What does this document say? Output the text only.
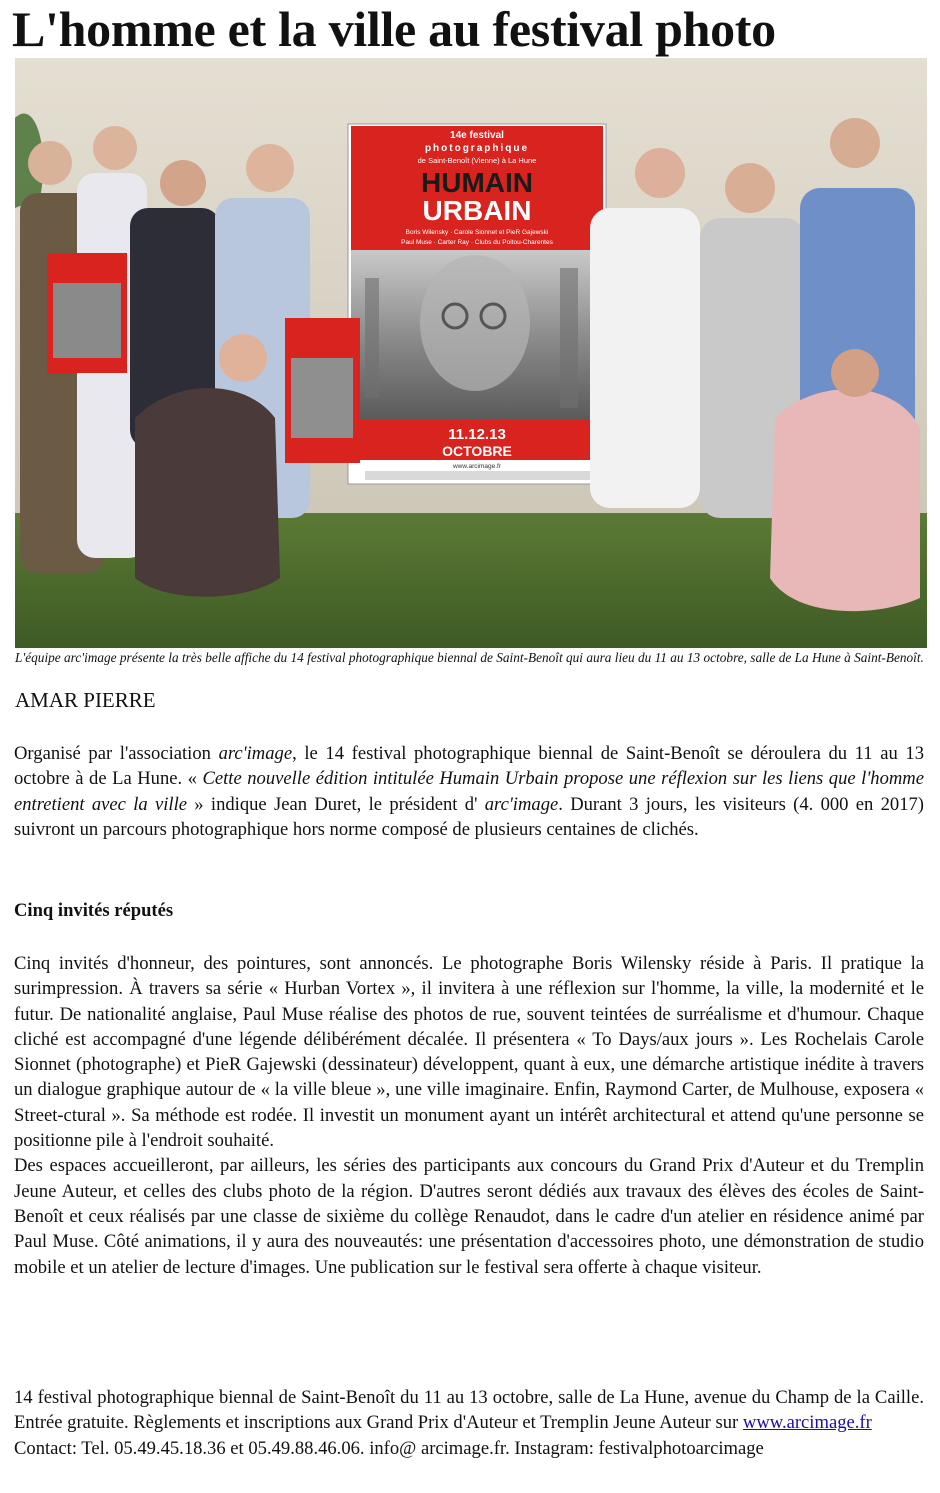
L'homme et la ville au festival photo
14e festival
photographique
de Saint-Benoît (Vienne) à La Hune
HUMAIN
URBAIN
Boris Wilensky · Carole Sionnet et PieR Gajewski
Paul Muse · Carter Ray · Clubs du Poitou-Charentes
11.12.13
OCTOBRE
www.arcimage.fr
L'équipe arc'image présente la très belle affiche du 14 festival photographique biennal de Saint-Benoît qui aura lieu du 11 au 13 octobre, salle de La Hune à Saint-Benoît.
AMAR PIERRE

Organisé par l'association arc'image, le 14 festival photographique biennal de Saint-Benoît se déroulera du 11 au 13 octobre à de La Hune. « Cette nouvelle édition intitulée Humain Urbain propose une réflexion sur les liens que l'homme entretient avec la ville » indique Jean Duret, le président d' arc'image. Durant 3 jours, les visiteurs (4. 000 en 2017) suivront un parcours photographique hors norme composé de plusieurs centaines de clichés.

Cinq invités réputés

Cinq invités d'honneur, des pointures, sont annoncés. Le photographe Boris Wilensky réside à Paris. Il pratique la surimpression. À travers sa série « Hurban Vortex », il invitera à une réflexion sur l'homme, la ville, la modernité et le futur. De nationalité anglaise, Paul Muse réalise des photos de rue, souvent teintées de surréalisme et d'humour. Chaque cliché est accompagné d'une légende délibérément décalée. Il présentera « To Days/aux jours ». Les Rochelais Carole Sionnet (photographe) et PieR Gajewski (dessinateur) développent, quant à eux, une démarche artistique inédite à travers un dialogue graphique autour de « la ville bleue », une ville imaginaire. Enfin, Raymond Carter, de Mulhouse, exposera « Street-ctural ». Sa méthode est rodée. Il investit un monument ayant un intérêt architectural et attend qu'une personne se positionne pile à l'endroit souhaité.

Des espaces accueilleront, par ailleurs, les séries des participants aux concours du Grand Prix d'Auteur et du Tremplin Jeune Auteur, et celles des clubs photo de la région. D'autres seront dédiés aux travaux des élèves des écoles de Saint-Benoît et ceux réalisés par une classe de sixième du collège Renaudot, dans le cadre d'un atelier en résidence animé par Paul Muse. Côté animations, il y aura des nouveautés: une présentation d'accessoires photo, une démonstration de studio mobile et un atelier de lecture d'images. Une publication sur le festival sera offerte à chaque visiteur.

14 festival photographique biennal de Saint-Benoît du 11 au 13 octobre, salle de La Hune, avenue du Champ de la Caille. Entrée gratuite. Règlements et inscriptions aux Grand Prix d'Auteur et Tremplin Jeune Auteur sur www.arcimage.fr

Contact: Tel. 05.49.45.18.36 et 05.49.88.46.06. info@ arcimage.fr. Instagram: festivalphotoarcimage
